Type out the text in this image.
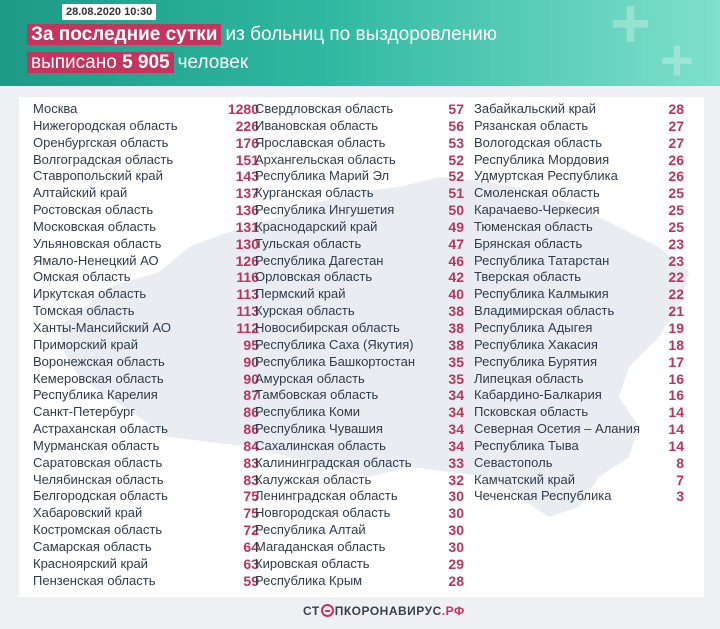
+ +
28.08.2020 10:30
За последние сутки из больниц по выздоровлению
выписано 5 905 человек
Москва	1280
Нижегородская область	226
Оренбургская область	176
Волгоградская область	151
Ставропольский край	143
Алтайский край	137
Ростовская область	136
Московская область	131
Ульяновская область	130
Ямало-Ненецкий АО	126
Омская область	116
Иркутская область	113
Томская область	113
Ханты-Мансийский АО	112
Приморский край	95
Воронежская область	90
Кемеровская область	90
Республика Карелия	87
Санкт-Петербург	86
Астраханская область	86
Мурманская область	84
Саратовская область	83
Челябинская область	83
Белгородская область	75
Хабаровский край	75
Костромская область	72
Самарская область	64
Красноярский край	63
Пензенская область	59
Свердловская область	57
Ивановская область	56
Ярославская область	53
Архангельская область	52
Республика Марий Эл	52
Курганская область	51
Республика Ингушетия	50
Краснодарский край	49
Тульская область	47
Республика Дагестан	46
Орловская область	42
Пермский край	40
Курская область	38
Новосибирская область	38
Республика Саха (Якутия) 38
Республика Башкортостан 35
Амурская область	35
Тамбовская область	34
Республика Коми	34
Республика Чувашия	34
Сахалинская область	34
Калининградская область	33
Калужская область	32
Ленинградская область	30
Новгородская область	30
Республика Алтай	30
Магаданская область	30
Кировская область	29
Республика Крым	28
Забайкальский край	28
Рязанская область	27
Вологодская область	27
Республика Мордовия	26
Удмуртская Республика	26
Смоленская область	25
Карачаево-Черкесия	25
Тюменская область	25
Брянская область	23
Республика Татарстан	23
Тверская область	22
Республика Калмыкия	22
Владимирская область	21
Республика Адыгея	19
Республика Хакасия	18
Республика Бурятия	17
Липецкая область	16
Кабардино-Балкария	16
Псковская область	14
Северная Осетия – Алания 14
Республика Тыва	14
Севастополь	8
Камчатский край	7
Чеченская Республика	3
СТ ПКОРОНАВИРУС.РФ
